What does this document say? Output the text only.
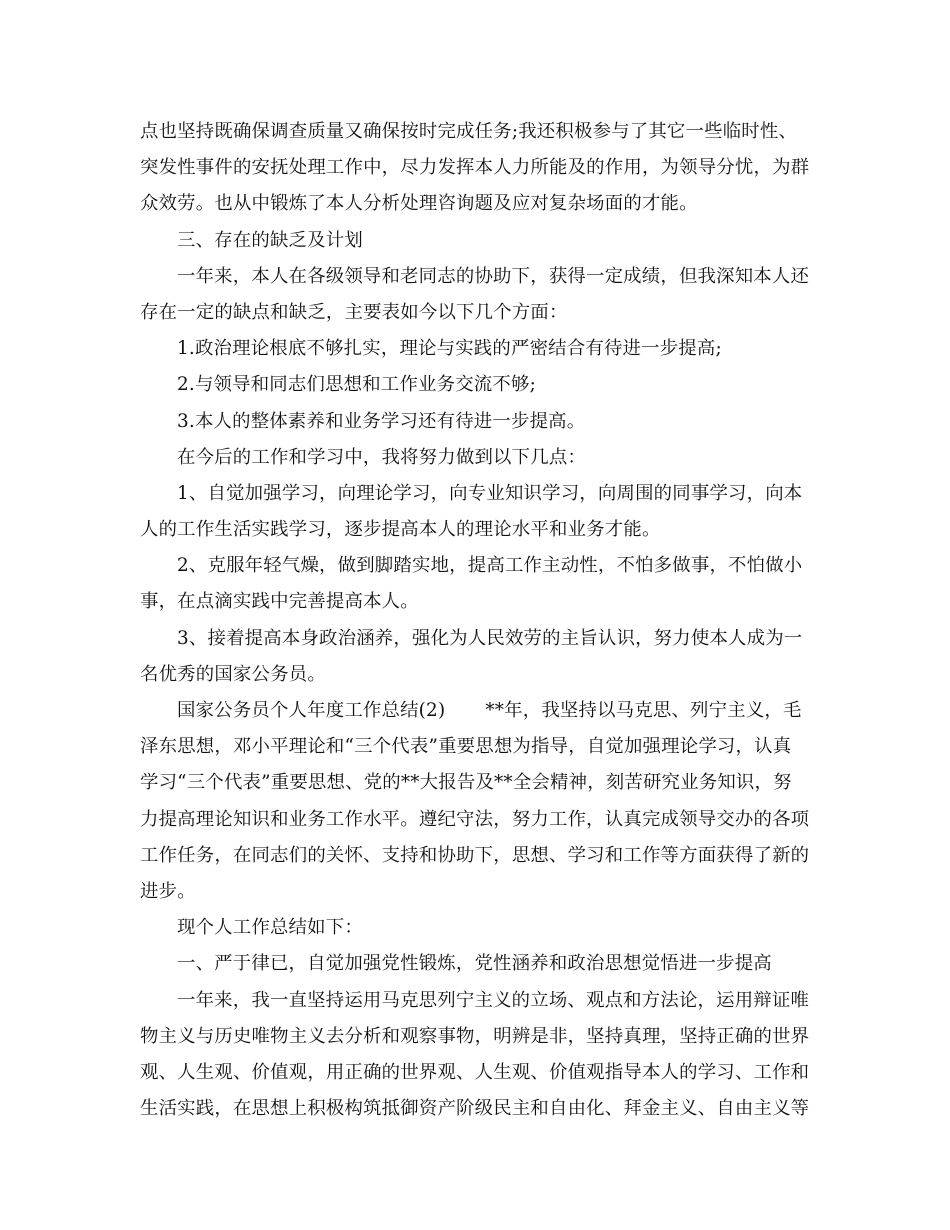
点也坚持既确保调查质量又确保按时完成任务;我还积极参与了其它一些临时性、
突发性事件的安抚处理工作中，尽力发挥本人力所能及的作用，为领导分忧，为群
众效劳。也从中锻炼了本人分析处理咨询题及应对复杂场面的才能。
三、存在的缺乏及计划
一年来，本人在各级领导和老同志的协助下，获得一定成绩，但我深知本人还
存在一定的缺点和缺乏，主要表如今以下几个方面：
1.政治理论根底不够扎实，理论与实践的严密结合有待进一步提高;
2.与领导和同志们思想和工作业务交流不够;
3.本人的整体素养和业务学习还有待进一步提高。
在今后的工作和学习中，我将努力做到以下几点：
1、自觉加强学习，向理论学习，向专业知识学习，向周围的同事学习，向本
人的工作生活实践学习，逐步提高本人的理论水平和业务才能。
2、克服年轻气燥，做到脚踏实地，提高工作主动性，不怕多做事，不怕做小
事，在点滴实践中完善提高本人。
3、接着提高本身政治涵养，强化为人民效劳的主旨认识，努力使本人成为一
名优秀的国家公务员。
国家公务员个人年度工作总结(2) **年，我坚持以马克思、列宁主义，毛
泽东思想，邓小平理论和“三个代表”重要思想为指导，自觉加强理论学习，认真
学习“三个代表”重要思想、党的**大报告及**全会精神，刻苦研究业务知识，努
力提高理论知识和业务工作水平。遵纪守法，努力工作，认真完成领导交办的各项
工作任务，在同志们的关怀、支持和协助下，思想、学习和工作等方面获得了新的
进步。
现个人工作总结如下：
一、严于律已，自觉加强党性锻炼，党性涵养和政治思想觉悟进一步提高
一年来，我一直坚持运用马克思列宁主义的立场、观点和方法论，运用辩证唯
物主义与历史唯物主义去分析和观察事物，明辨是非，坚持真理，坚持正确的世界
观、人生观、价值观，用正确的世界观、人生观、价值观指导本人的学习、工作和
生活实践，在思想上积极构筑抵御资产阶级民主和自由化、拜金主义、自由主义等
